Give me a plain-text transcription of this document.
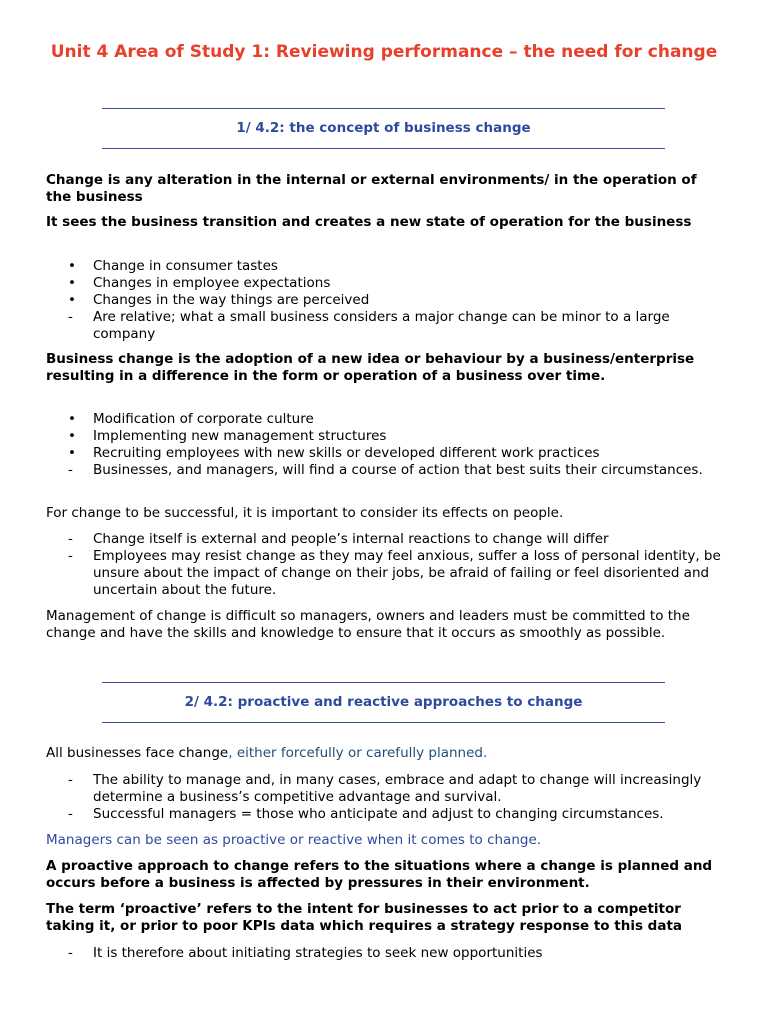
Unit 4 Area of Study 1: Reviewing performance – the need for change
1/ 4.2: the concept of business change

Change is any alteration in the internal or external environments/ in the operation of the business

It sees the business transition and creates a new state of operation for the business

•	Change in consumer tastes
•	Changes in employee expectations
•	Changes in the way things are perceived
-	Are relative; what a small business considers a major change can be minor to a large company

Business change is the adoption of a new idea or behaviour by a business/enterprise resulting in a difference in the form or operation of a business over time.

•	Modification of corporate culture
•	Implementing new management structures
•	Recruiting employees with new skills or developed different work practices
-	Businesses, and managers, will find a course of action that best suits their circumstances.

For change to be successful, it is important to consider its effects on people.

-	Change itself is external and people’s internal reactions to change will differ
-	Employees may resist change as they may feel anxious, suffer a loss of personal identity, be unsure about the impact of change on their jobs, be afraid of failing or feel disoriented and uncertain about the future.

Management of change is difficult so managers, owners and leaders must be committed to the change and have the skills and knowledge to ensure that it occurs as smoothly as possible.

2/ 4.2: proactive and reactive approaches to change

All businesses face change, either forcefully or carefully planned.

-	The ability to manage and, in many cases, embrace and adapt to change will increasingly determine a business’s competitive advantage and survival.
-	Successful managers = those who anticipate and adjust to changing circumstances.

Managers can be seen as proactive or reactive when it comes to change.

A proactive approach to change refers to the situations where a change is planned and occurs before a business is affected by pressures in their environment.

The term ‘proactive’ refers to the intent for businesses to act prior to a competitor taking it, or prior to poor KPIs data which requires a strategy response to this data

-	It is therefore about initiating strategies to seek new opportunities
